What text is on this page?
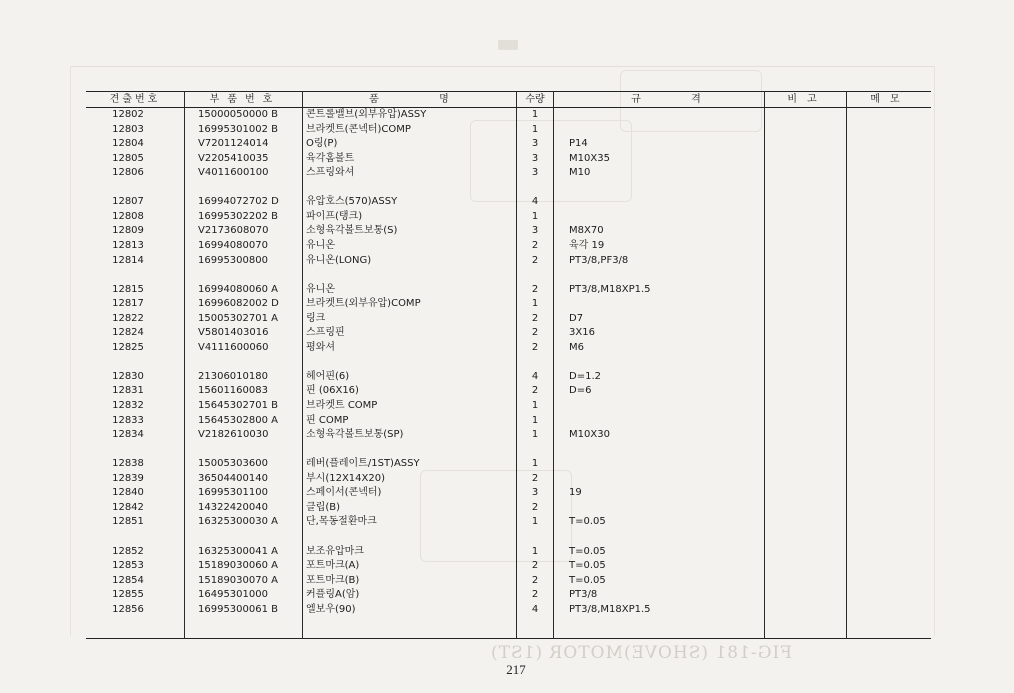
견출번호	부품번호	품	명	수량	규	격	비고	메모
12802	15000050000 B	콘트롤밸브(외부유압)ASSY	1
12803	16995301002 B	브라켓트(콘넥터)COMP	1
12804	V7201124014	O링(P)	3	P14
12805	V2205410035	육각홈볼트	3	M10X35
12806	V4011600100	스프링와셔	3	M10
12807	16994072702 D	유압호스(570)ASSY	4
12808	16995302202 B	파이프(탱크)	1
12809	V2173608070	소형육각볼트보통(S)	3	M8X70
12813	16994080070	유니온	2	육각 19
12814	16995300800	유니온(LONG)	2	PT3/8,PF3/8
12815	16994080060 A	유니온	2	PT3/8,M18XP1.5
12817	16996082002 D	브라켓트(외부유압)COMP	1
12822	15005302701 A	링크	2	D7
12824	V5801403016	스프링핀	2	3X16
12825	V4111600060	평와셔	2	M6
12830	21306010180	헤어핀(6)	4	D=1.2
12831	15601160083	핀 (06X16)	2	D=6
12832	15645302701 B	브라켓트 COMP	1
12833	15645302800 A	핀 COMP	1
12834	V2182610030	소형육각볼트보통(SP)	1	M10X30
12838	15005303600	레버(플레이트/1ST)ASSY	1
12839	36504400140	부시(12X14X20)	2
12840	16995301100	스페이서(콘넥터)	3	19
12842	14322420040	클립(B)	2
12851	16325300030 A	단,목동절환마크	1	T=0.05
12852	16325300041 A	보조유압마크	1	T=0.05
12853	15189030060 A	포트마크(A)	2	T=0.05
12854	15189030070 A	포트마크(B)	2	T=0.05
12855	16495301000	커플링A(암)	2	PT3/8
12856	16995300061 B	엘보우(90)	4	PT3/8,M18XP1.5
FIG-181 (SHOVE)MOTOR (1ST)
217
